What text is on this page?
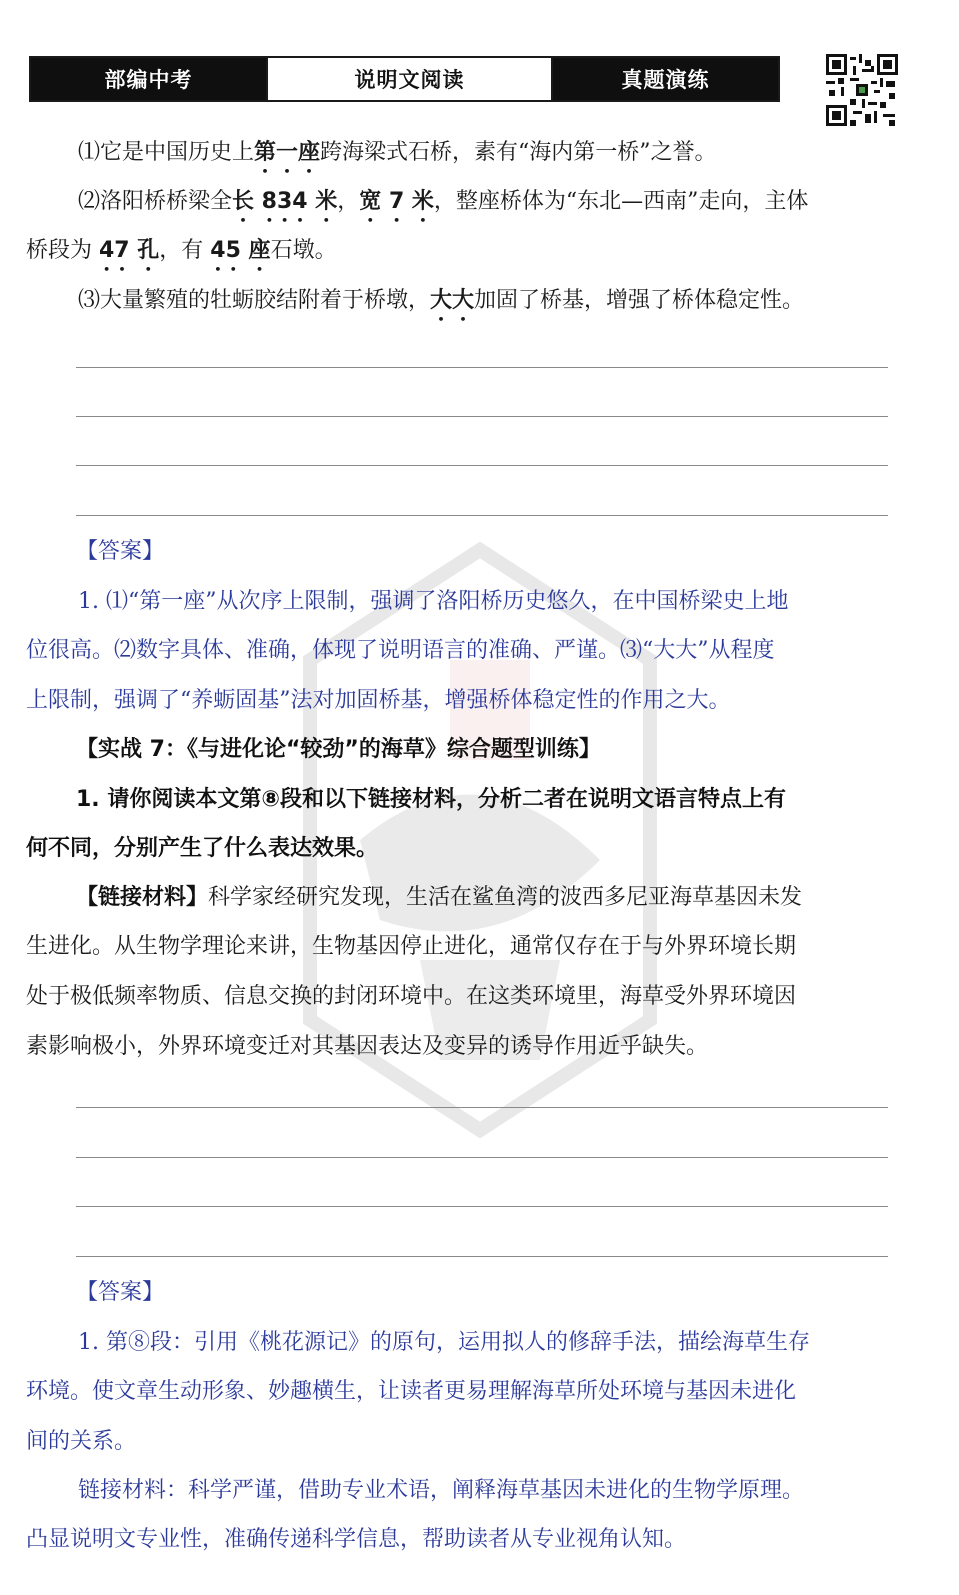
部编中考	说明文阅读	真题演练
⑴它是中国历史上第一座跨海梁式石桥，素有“海内第一桥”之誉。
⑵洛阳桥桥梁全长 834 米，宽 7 米，整座桥体为“东北—西南”走向，主体
桥段为 47 孔，有 45 座石墩。
⑶大量繁殖的牡蛎胶结附着于桥墩，大大加固了桥基，增强了桥体稳定性。
【答案】
1. ⑴“第一座”从次序上限制，强调了洛阳桥历史悠久，在中国桥梁史上地
位很高。⑵数字具体、准确，体现了说明语言的准确、严谨。⑶“大大”从程度
上限制，强调了“养蛎固基”法对加固桥基，增强桥体稳定性的作用之大。
【实战 7：《与进化论“较劲”的海草》综合题型训练】
1. 请你阅读本文第⑧段和以下链接材料，分析二者在说明文语言特点上有
何不同，分别产生了什么表达效果。
【链接材料】科学家经研究发现，生活在鲨鱼湾的波西多尼亚海草基因未发
生进化。从生物学理论来讲，生物基因停止进化，通常仅存在于与外界环境长期
处于极低频率物质、信息交换的封闭环境中。在这类环境里，海草受外界环境因
素影响极小，外界环境变迁对其基因表达及变异的诱导作用近乎缺失。
【答案】
1. 第⑧段：引用《桃花源记》的原句，运用拟人的修辞手法，描绘海草生存
环境。使文章生动形象、妙趣横生，让读者更易理解海草所处环境与基因未进化
间的关系。
链接材料：科学严谨，借助专业术语，阐释海草基因未进化的生物学原理。
凸显说明文专业性，准确传递科学信息，帮助读者从专业视角认知。
